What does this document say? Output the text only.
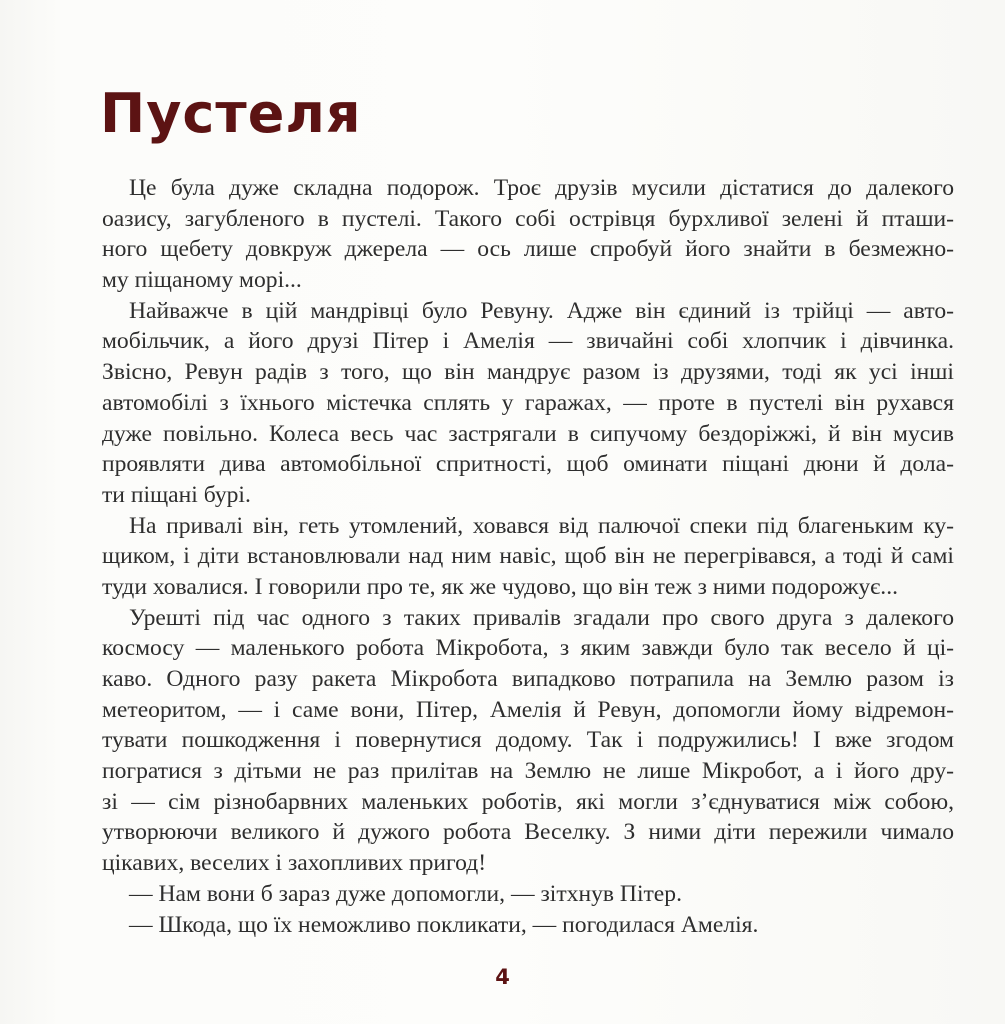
Пустеля
Це була дуже складна подорож. Троє друзів мусили дістатися до далекого
оазису, загубленого в пустелі. Такого собі острівця бурхливої зелені й пташи-
ного щебету довкруж джерела — ось лише спробуй його знайти в безмежно-
му піщаному морі...
Найважче в цій мандрівці було Ревуну. Адже він єдиний із трійці — авто-
мобільчик, а його друзі Пітер і Амелія — звичайні собі хлопчик і дівчинка.
Звісно, Ревун радів з того, що він мандрує разом із друзями, тоді як усі інші
автомобілі з їхнього містечка сплять у гаражах, — проте в пустелі він рухався
дуже повільно. Колеса весь час застрягали в сипучому бездоріжжі, й він мусив
проявляти дива автомобільної спритності, щоб оминати піщані дюни й дола-
ти піщані бурі.
На привалі він, геть утомлений, ховався від палючої спеки під благеньким ку-
щиком, і діти встановлювали над ним навіс, щоб він не перегрівався, а тоді й самі
туди ховалися. І говорили про те, як же чудово, що він теж з ними подорожує...
Урешті під час одного з таких привалів згадали про свого друга з далекого
космосу — маленького робота Мікробота, з яким завжди було так весело й ці-
каво. Одного разу ракета Мікробота випадково потрапила на Землю разом із
метеоритом, — і саме вони, Пітер, Амелія й Ревун, допомогли йому відремон-
тувати пошкодження і повернутися додому. Так і подружились! І вже згодом
погратися з дітьми не раз прилітав на Землю не лише Мікробот, а і його дру-
зі — сім різнобарвних маленьких роботів, які могли з’єднуватися між собою,
утворюючи великого й дужого робота Веселку. З ними діти пережили чимало
цікавих, веселих і захопливих пригод!
— Нам вони б зараз дуже допомогли, — зітхнув Пітер.
— Шкода, що їх неможливо покликати, — погодилася Амелія.
4
